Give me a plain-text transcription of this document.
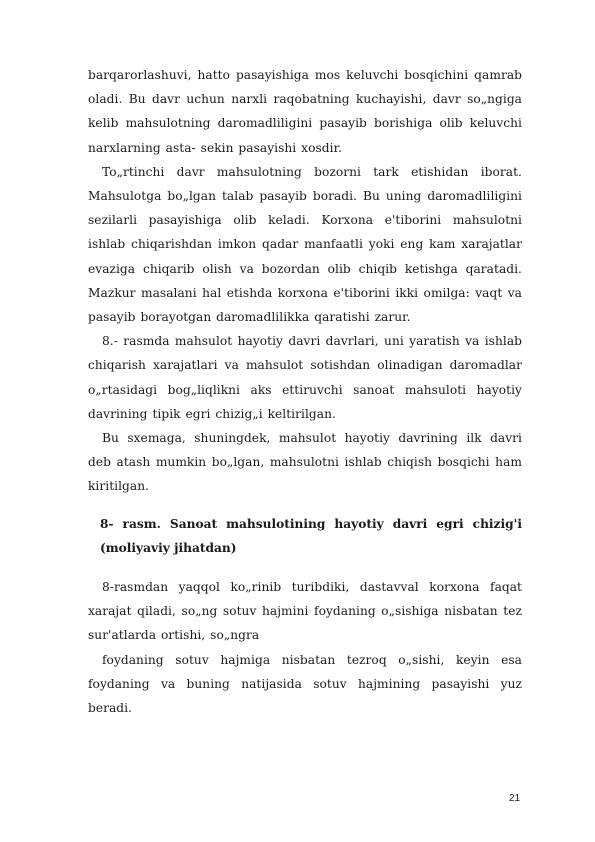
barqarorlashuvi, hatto pasayishiga mos keluvchi bosqichini qamrab oladi. Bu davr uchun narxli raqobatning kuchayishi, davr so„ngiga kelib mahsulotning daromadliligini pasayib borishiga olib keluvchi narxlarning asta- sekin pasayishi xosdir.

To„rtinchi davr mahsulotning bozorni tark etishidan iborat. Mahsulotga bo„lgan talab pasayib boradi. Bu uning daromadliligini sezilarli pasayishiga olib keladi. Korxona e'tiborini mahsulotni ishlab chiqarishdan imkon qadar manfaatli yoki eng kam xarajatlar evaziga chiqarib olish va bozordan olib chiqib ketishga qaratadi. Mazkur masalani hal etishda korxona e'tiborini ikki omilga: vaqt va pasayib borayotgan daromadlilikka qaratishi zarur.

8.- rasmda mahsulot hayotiy davri davrlari, uni yaratish va ishlab chiqarish xarajatlari va mahsulot sotishdan olinadigan daromadlar o„rtasidagi bog„liqlikni aks ettiruvchi sanoat mahsuloti hayotiy davrining tipik egri chizig„i keltirilgan.

Bu sxemaga, shuningdek, mahsulot hayotiy davrining ilk davri deb atash mumkin bo„lgan, mahsulotni ishlab chiqish bosqichi ham kiritilgan.

8- rasm. Sanoat mahsulotining hayotiy davri egri chizig'i (moliyaviy jihatdan)

8-rasmdan yaqqol ko„rinib turibdiki, dastavval korxona faqat xarajat qiladi, so„ng sotuv hajmini foydaning o„sishiga nisbatan tez sur'atlarda ortishi, so„ngra

foydaning sotuv hajmiga nisbatan tezroq o„sishi, keyin esa foydaning va buning natijasida sotuv hajmining pasayishi yuz beradi.

21
